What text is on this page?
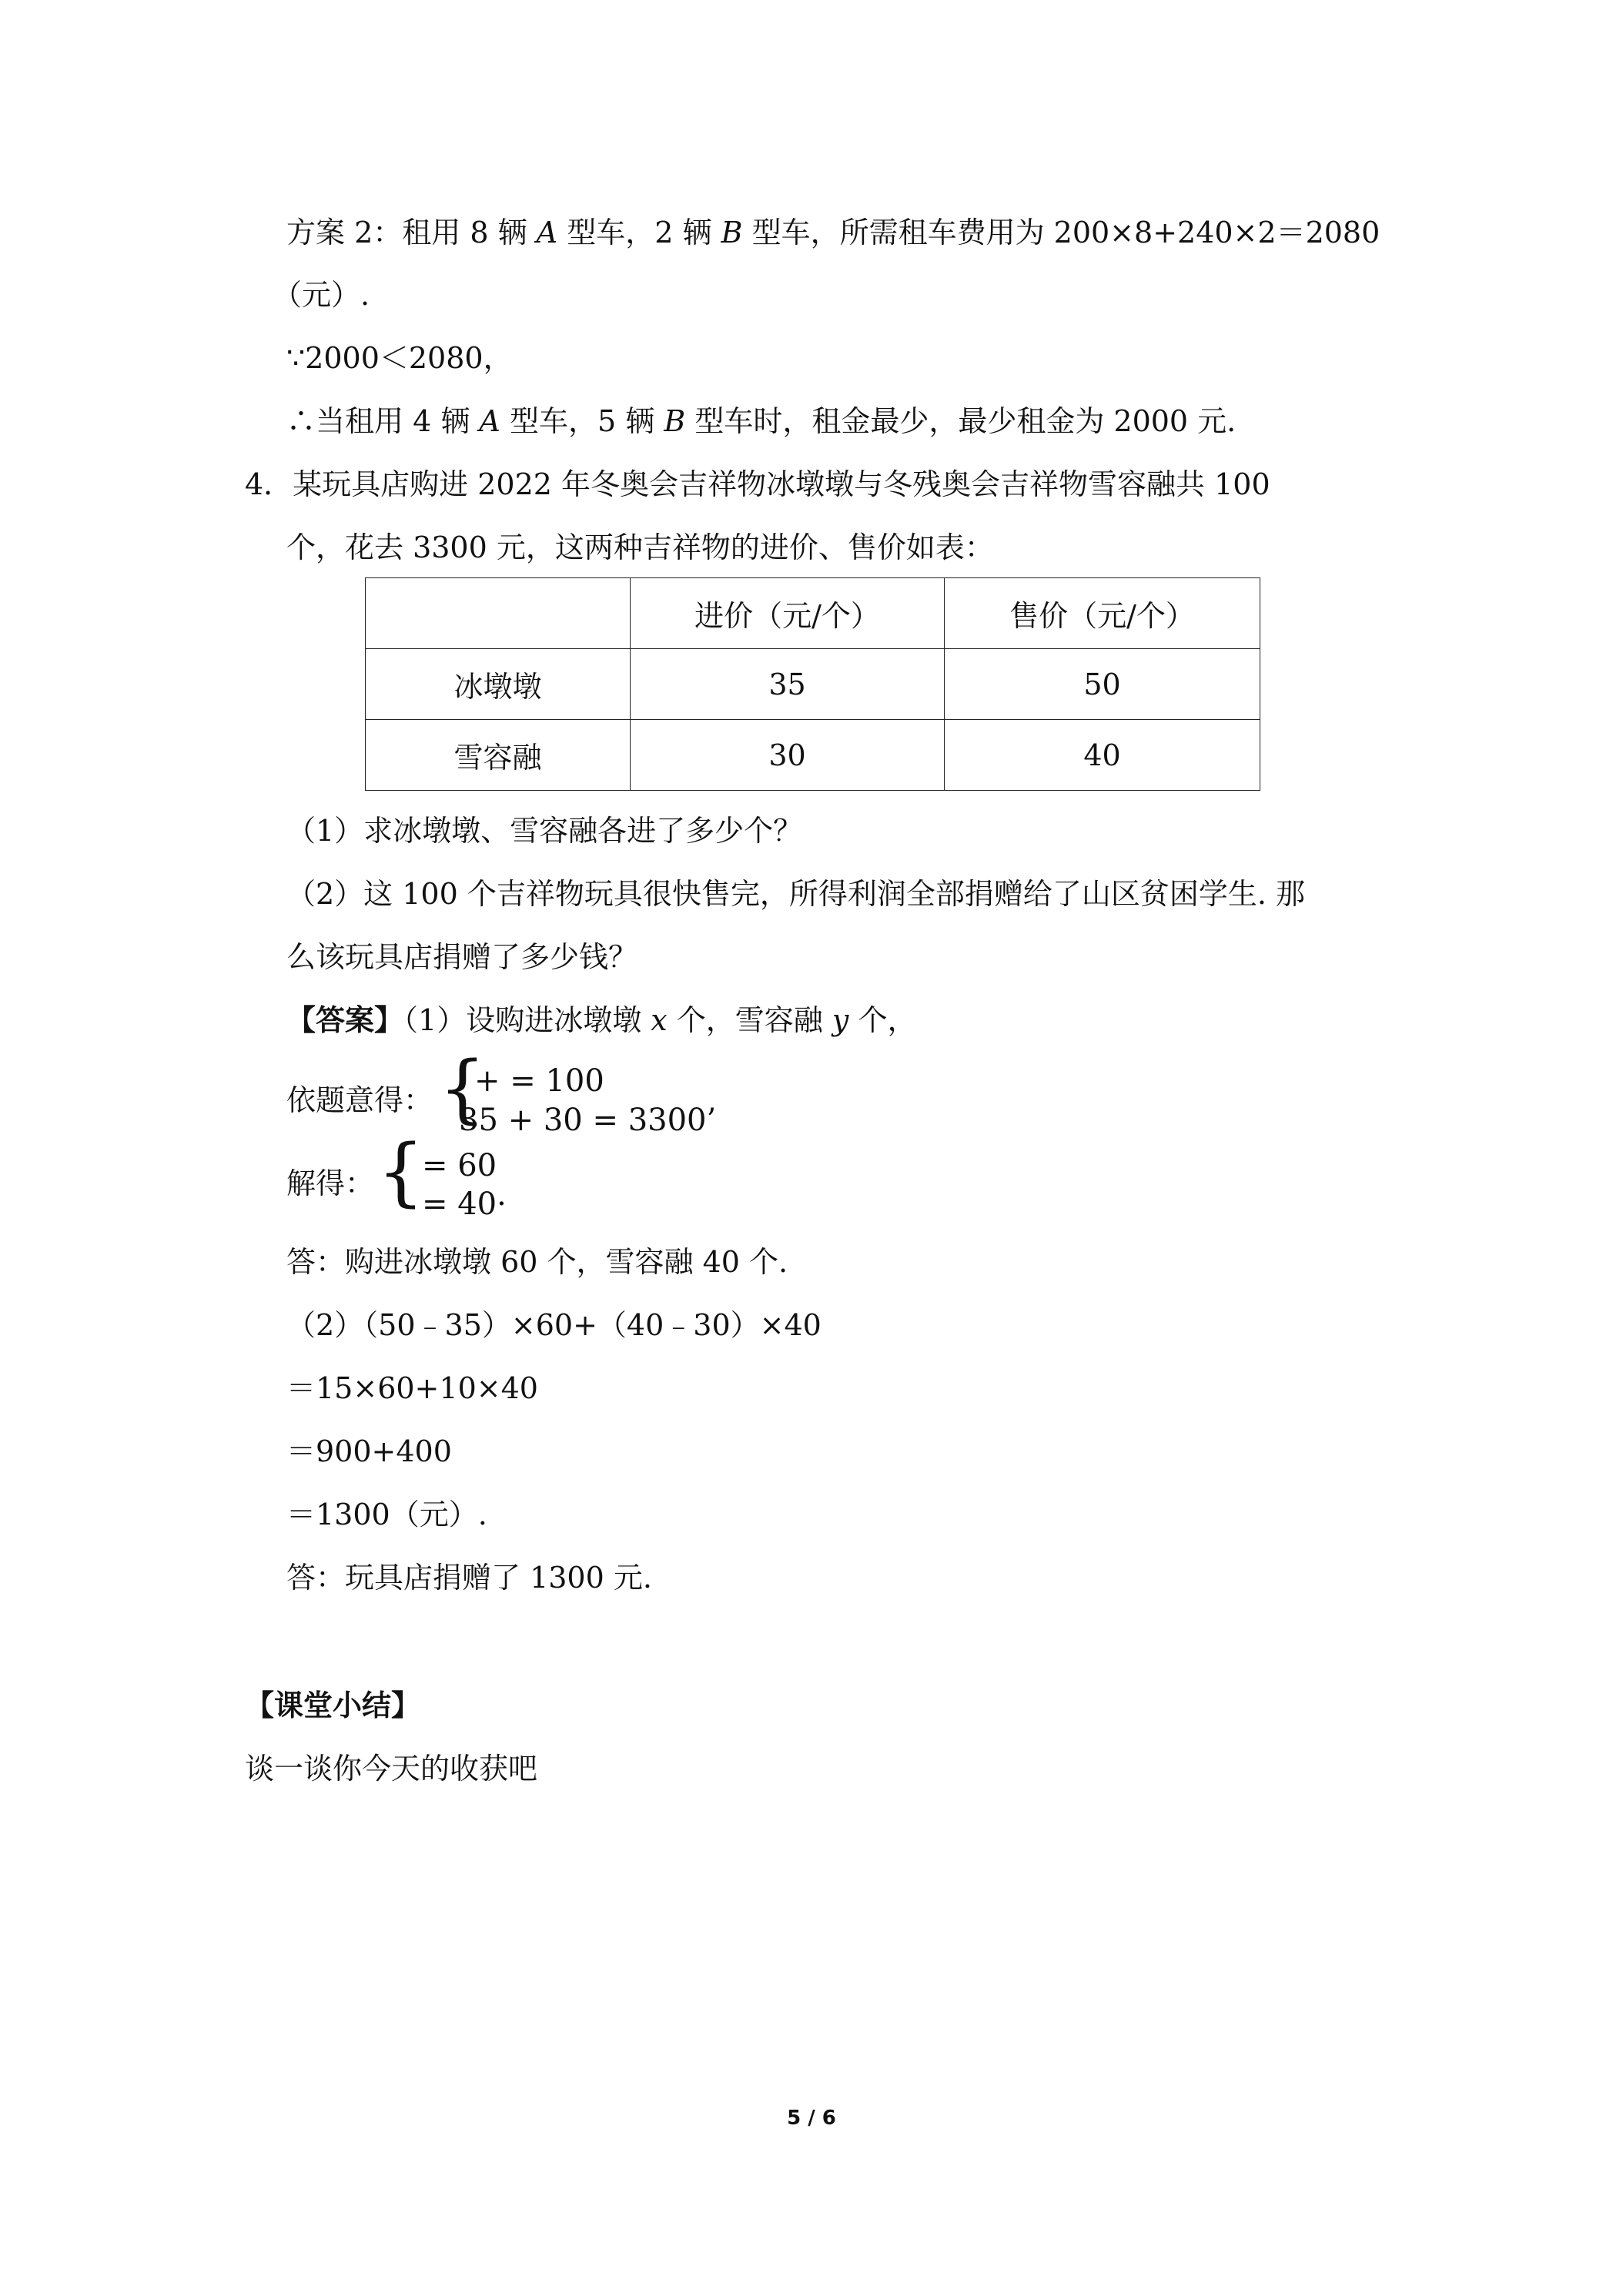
方案 2：租用 8 辆 A 型车，2 辆 B 型车，所需租车费用为 200×8+240×2＝2080
（元）.
∵2000＜2080，
∴当租用 4 辆 A 型车，5 辆 B 型车时，租金最少，最少租金为 2000 元.
4．某玩具店购进 2022 年冬奥会吉祥物冰墩墩与冬残奥会吉祥物雪容融共 100
个，花去 3300 元，这两种吉祥物的进价、售价如表：
	进价（元/个）	售价（元/个）
冰墩墩	35	50
雪容融	30	40
（1）求冰墩墩、雪容融各进了多少个？
（2）这 100 个吉祥物玩具很快售完，所得利润全部捐赠给了山区贫困学生. 那
么该玩具店捐赠了多少钱？
【答案】（1）设购进冰墩墩 x 个，雪容融 y 个，
依题意得： {
+ = 100
35 + 30 = 3300’
解得： {
= 60
= 40·
答：购进冰墩墩 60 个，雪容融 40 个.
（2）（50﹣35）×60+（40﹣30）×40
＝15×60+10×40
＝900+400
＝1300（元）.
答：玩具店捐赠了 1300 元.
【课堂小结】
谈一谈你今天的收获吧
5 / 6
